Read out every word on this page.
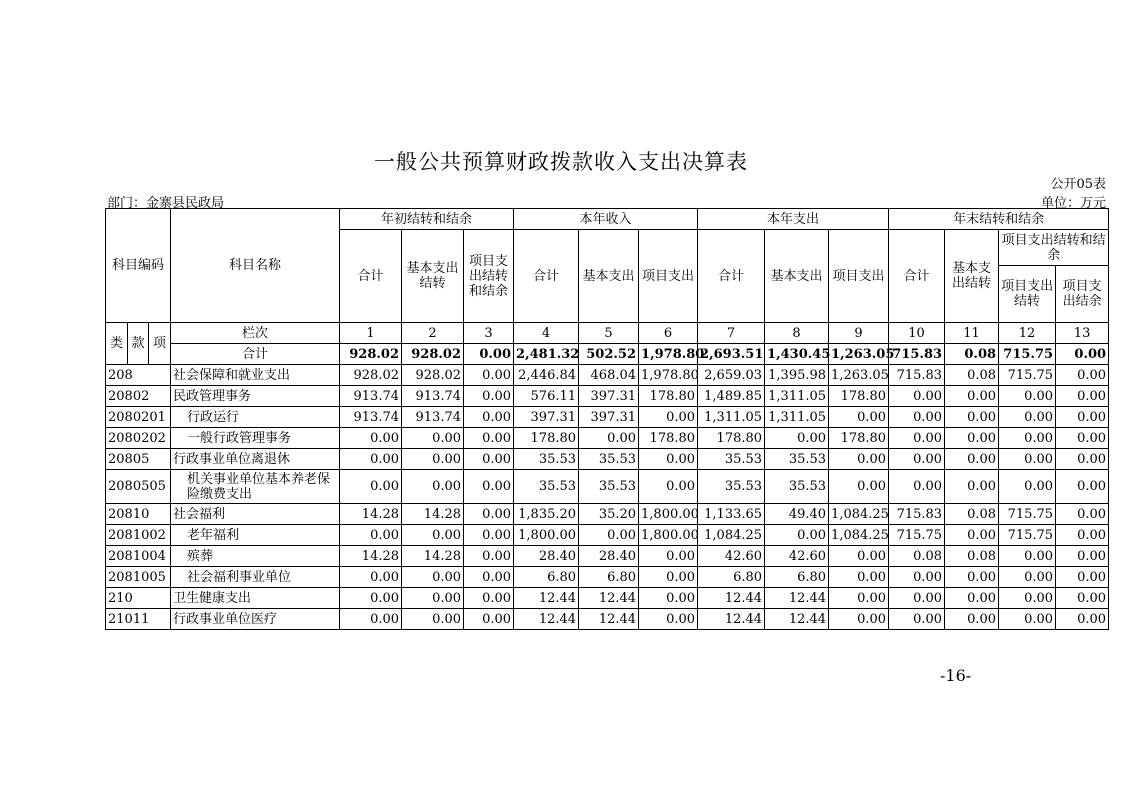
一般公共预算财政拨款收入支出决算表
公开05表
部门：金寨县民政局	单位：万元
科目编码			科目名称	年初结转和结余			本年收入			本年支出			年末结转和结余			
				合计	基本支出结转	项目支出结转和结余	合计	基本支出	项目支出	合计	基本支出	项目支出	合计	基本支出结转	项目支出结转和结余	
															项目支出结转	项目支出结余
类	款	项	栏次	1	2	3	4	5	6	7	8	9	10	11	12	13
			合计	928.02	928.02	0.00	2,481.32	502.52	1,978.80	2,693.51	1,430.45	1,263.05	715.83	0.08	715.75	0.00
208			社会保障和就业支出	928.02	928.02	0.00	2,446.84	468.04	1,978.80	2,659.03	1,395.98	1,263.05	715.83	0.08	715.75	0.00
20802			民政管理事务	913.74	913.74	0.00	576.11	397.31	178.80	1,489.85	1,311.05	178.80	0.00	0.00	0.00	0.00
2080201			行政运行	913.74	913.74	0.00	397.31	397.31	0.00	1,311.05	1,311.05	0.00	0.00	0.00	0.00	0.00
2080202			一般行政管理事务	0.00	0.00	0.00	178.80	0.00	178.80	178.80	0.00	178.80	0.00	0.00	0.00	0.00
20805			行政事业单位离退休	0.00	0.00	0.00	35.53	35.53	0.00	35.53	35.53	0.00	0.00	0.00	0.00	0.00
2080505			机关事业单位基本养老保险缴费支出	0.00	0.00	0.00	35.53	35.53	0.00	35.53	35.53	0.00	0.00	0.00	0.00	0.00
20810			社会福利	14.28	14.28	0.00	1,835.20	35.20	1,800.00	1,133.65	49.40	1,084.25	715.83	0.08	715.75	0.00
2081002			老年福利	0.00	0.00	0.00	1,800.00	0.00	1,800.00	1,084.25	0.00	1,084.25	715.75	0.00	715.75	0.00
2081004			殡葬	14.28	14.28	0.00	28.40	28.40	0.00	42.60	42.60	0.00	0.08	0.08	0.00	0.00
2081005			社会福利事业单位	0.00	0.00	0.00	6.80	6.80	0.00	6.80	6.80	0.00	0.00	0.00	0.00	0.00
210			卫生健康支出	0.00	0.00	0.00	12.44	12.44	0.00	12.44	12.44	0.00	0.00	0.00	0.00	0.00
21011			行政事业单位医疗	0.00	0.00	0.00	12.44	12.44	0.00	12.44	12.44	0.00	0.00	0.00	0.00	0.00
-16-
